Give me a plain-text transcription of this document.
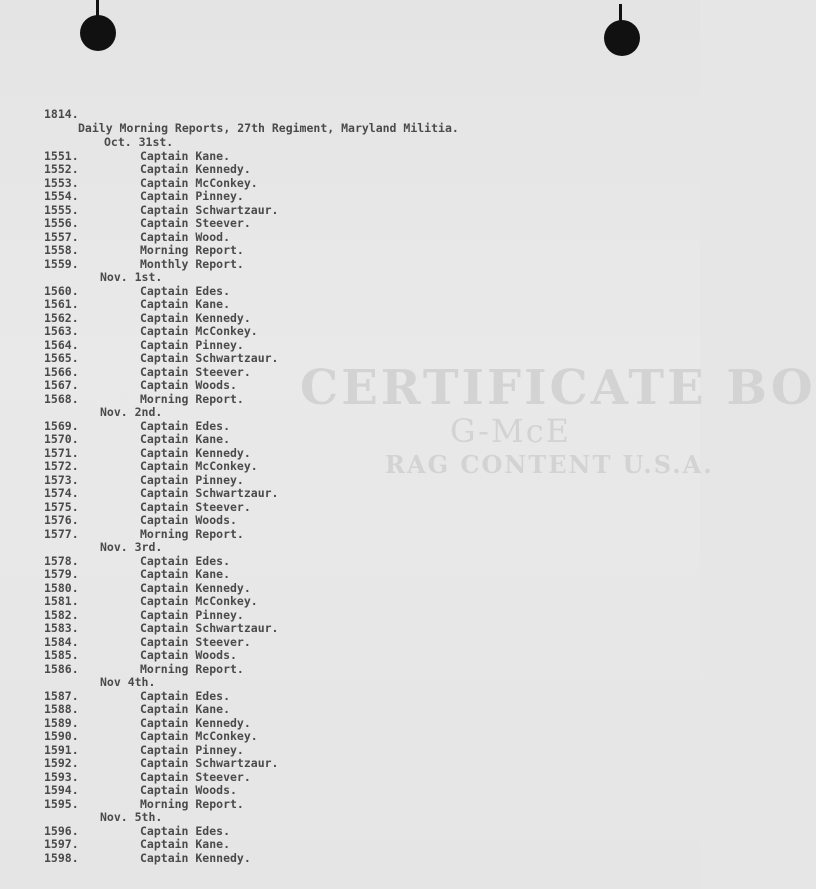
CERTIFICATE BO
G-McE
RAG CONTENT U.S.A.
1814.
Daily Morning Reports, 27th Regiment, Maryland Militia.
Oct. 31st.
1551.	Captain Kane.
1552.	Captain Kennedy.
1553.	Captain McConkey.
1554.	Captain Pinney.
1555.	Captain Schwartzaur.
1556.	Captain Steever.
1557.	Captain Wood.
1558.	Morning Report.
1559.	Monthly Report.
Nov. 1st.
1560.	Captain Edes.
1561.	Captain Kane.
1562.	Captain Kennedy.
1563.	Captain McConkey.
1564.	Captain Pinney.
1565.	Captain Schwartzaur.
1566.	Captain Steever.
1567.	Captain Woods.
1568.	Morning Report.
Nov. 2nd.
1569.	Captain Edes.
1570.	Captain Kane.
1571.	Captain Kennedy.
1572.	Captain McConkey.
1573.	Captain Pinney.
1574.	Captain Schwartzaur.
1575.	Captain Steever.
1576.	Captain Woods.
1577.	Morning Report.
Nov. 3rd.
1578.	Captain Edes.
1579.	Captain Kane.
1580.	Captain Kennedy.
1581.	Captain McConkey.
1582.	Captain Pinney.
1583.	Captain Schwartzaur.
1584.	Captain Steever.
1585.	Captain Woods.
1586.	Morning Report.
Nov 4th.
1587.	Captain Edes.
1588.	Captain Kane.
1589.	Captain Kennedy.
1590.	Captain McConkey.
1591.	Captain Pinney.
1592.	Captain Schwartzaur.
1593.	Captain Steever.
1594.	Captain Woods.
1595.	Morning Report.
Nov. 5th.
1596.	Captain Edes.
1597.	Captain Kane.
1598.	Captain Kennedy.
